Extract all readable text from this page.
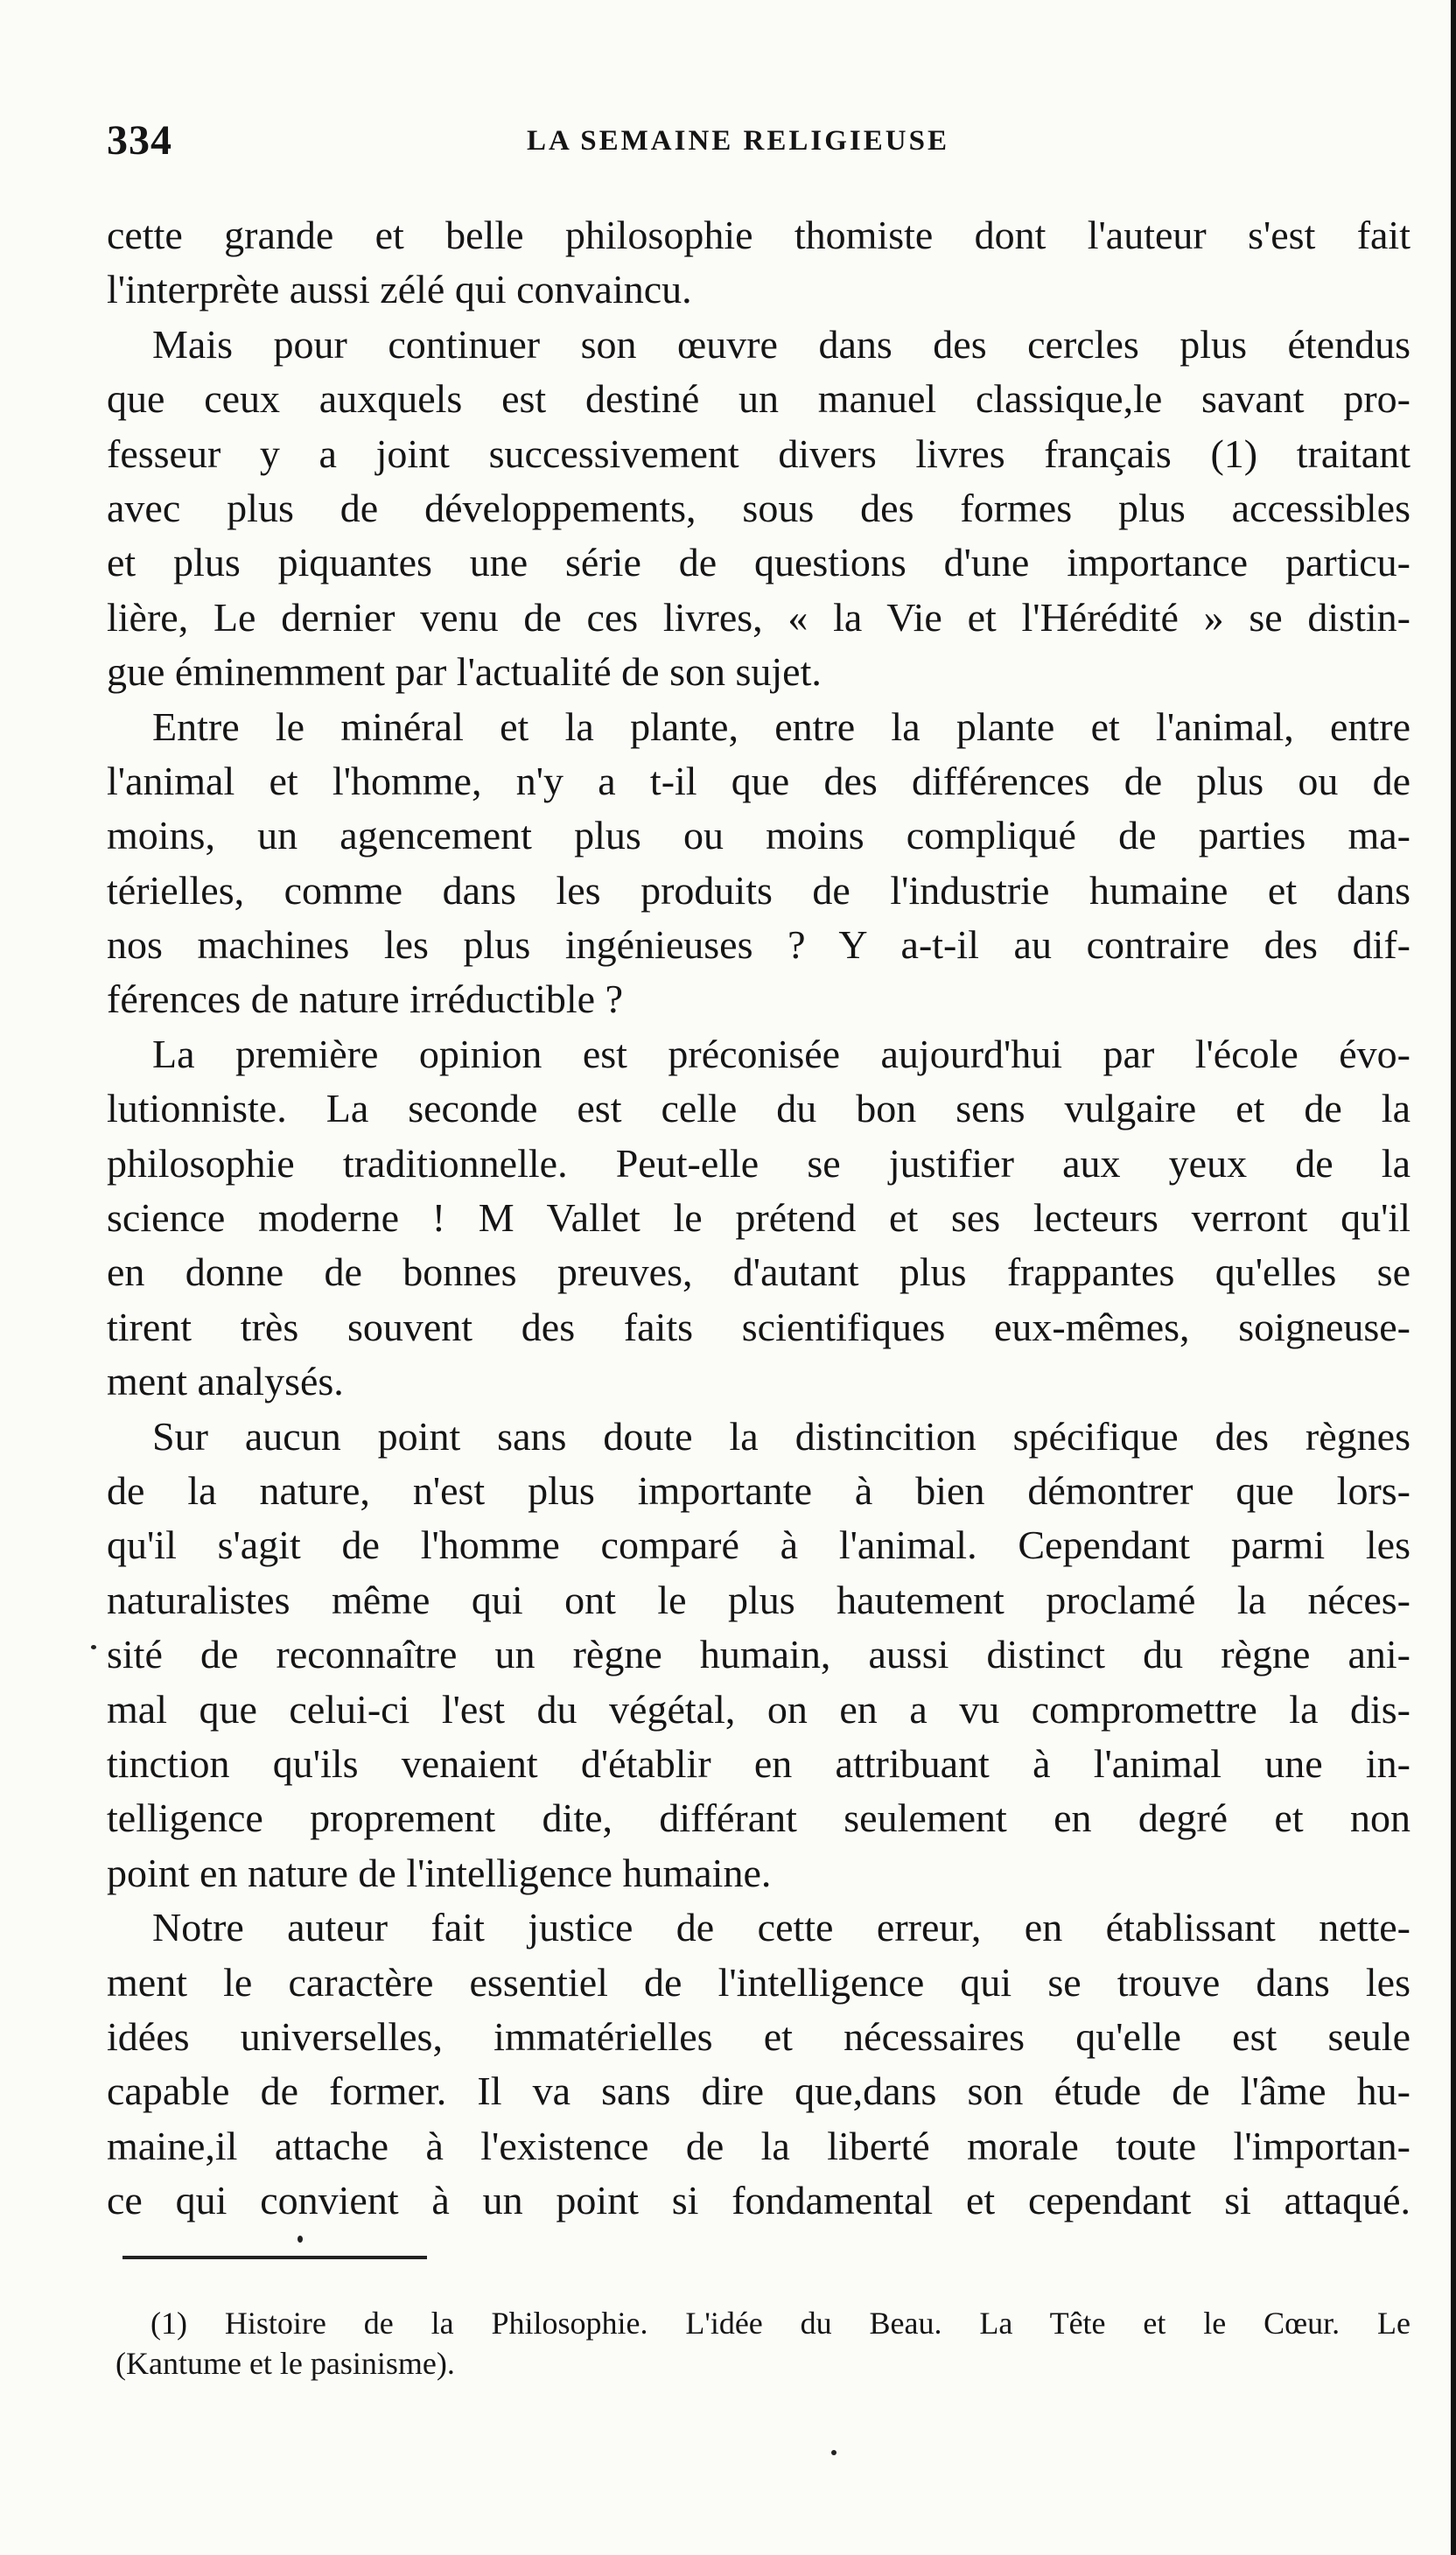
334	LA SEMAINE RELIGIEUSE
cette grande et belle philosophie thomiste dont l'auteur s'est fait
l'interprète aussi zélé qui convaincu.
Mais pour continuer son œuvre dans des cercles plus étendus
que ceux auxquels est destiné un manuel classique,le savant pro-
fesseur y a joint successivement divers livres français (1) traitant
avec plus de développements, sous des formes plus accessibles
et plus piquantes une série de questions d'une importance particu-
lière, Le dernier venu de ces livres, « la Vie et l'Hérédité » se distin-
gue éminemment par l'actualité de son sujet.
Entre le minéral et la plante, entre la plante et l'animal, entre
l'animal et l'homme, n'y a t-il que des différences de plus ou de
moins, un agencement plus ou moins compliqué de parties ma-
térielles, comme dans les produits de l'industrie humaine et dans
nos machines les plus ingénieuses ? Y a-t-il au contraire des dif-
férences de nature irréductible ?
La première opinion est préconisée aujourd'hui par l'école évo-
lutionniste. La seconde est celle du bon sens vulgaire et de la
philosophie traditionnelle. Peut-elle se justifier aux yeux de la
science moderne ! M Vallet le prétend et ses lecteurs verront qu'il
en donne de bonnes preuves, d'autant plus frappantes qu'elles se
tirent très souvent des faits scientifiques eux-mêmes, soigneuse-
ment analysés.
Sur aucun point sans doute la distincition spécifique des règnes
de la nature, n'est plus importante à bien démontrer que lors-
qu'il s'agit de l'homme comparé à l'animal. Cependant parmi les
naturalistes même qui ont le plus hautement proclamé la néces-
sité de reconnaître un règne humain, aussi distinct du règne ani-
mal que celui-ci l'est du végétal, on en a vu compromettre la dis-
tinction qu'ils venaient d'établir en attribuant à l'animal une in-
telligence proprement dite, différant seulement en degré et non
point en nature de l'intelligence humaine.
Notre auteur fait justice de cette erreur, en établissant nette-
ment le caractère essentiel de l'intelligence qui se trouve dans les
idées universelles, immatérielles et nécessaires qu'elle est seule
capable de former. Il va sans dire que,dans son étude de l'âme hu-
maine,il attache à l'existence de la liberté morale toute l'importan-
ce qui convient à un point si fondamental et cependant si attaqué.
(1) Histoire de la Philosophie. L'idée du Beau. La Tête et le Cœur. Le
(Kantume et le pasinisme).
